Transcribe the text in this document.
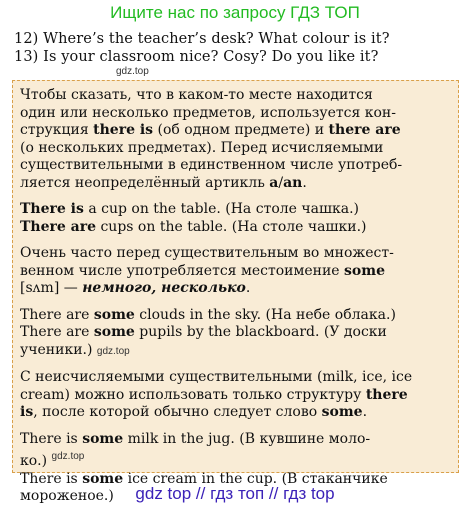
Ищите нас по запросу ГДЗ ТОП
12) Where’s the teacher’s desk? What colour is it?
13) Is your classroom nice? Cosy? Do you like it?
gdz.top
Чтобы сказать, что в каком-то месте находится
один или несколько предметов, используется кон-
струкция there is (об одном предмете) и there are
(о нескольких предметах). Перед исчисляемыми
существительными в единственном числе употреб-
ляется неопределённый артикль a/an.
There is a cup on the table. (На столе чашка.)
There are cups on the table. (На столе чашки.)
Очень часто перед существительным во множест-
венном числе употребляется местоимение some
[sʌm] — немного, несколько.
There are some clouds in the sky. (На небе облака.)
There are some pupils by the blackboard. (У доски
ученики.) gdz.top
С неисчисляемыми существительными (milk, ice, ice
cream) можно использовать только структуру there
is, после которой обычно следует слово some.
There is some milk in the jug. (В кувшине моло-
ко.) $^{gdz.top}$
There is some ice cream in the cup. (В стаканчике
мороженое.)	gdz top // гдз топ // гдз top
